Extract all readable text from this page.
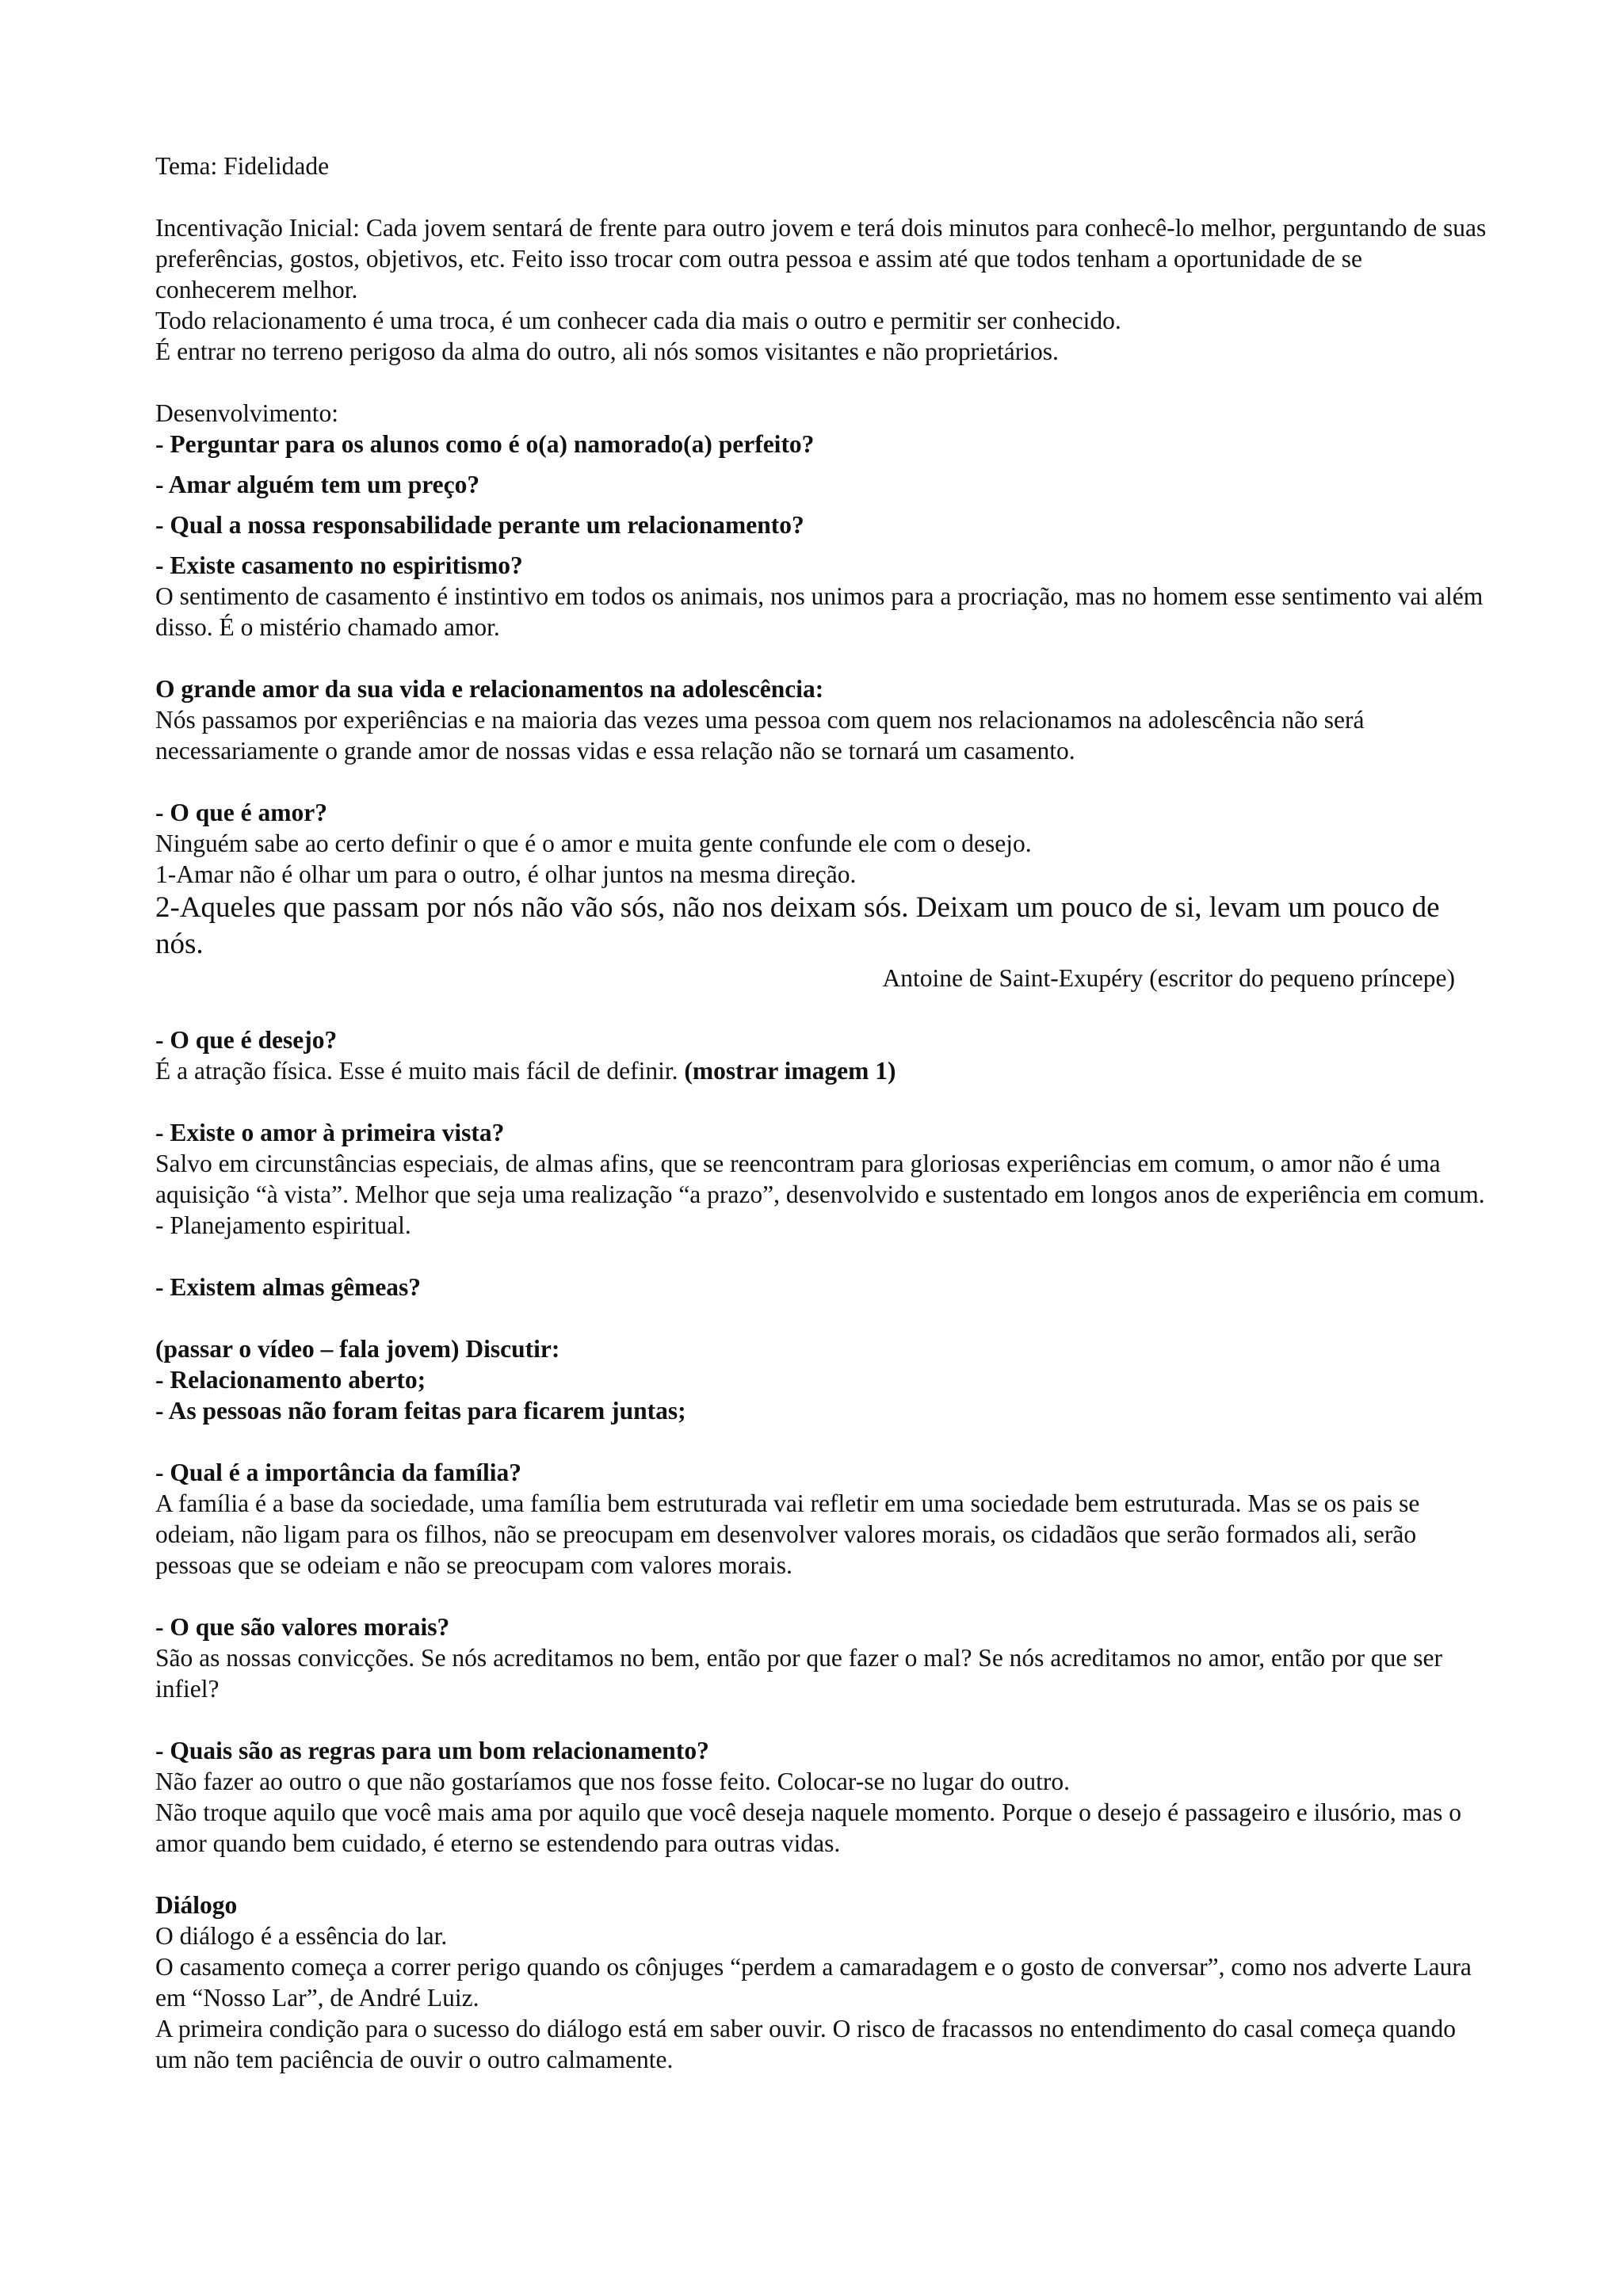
Tema: Fidelidade

Incentivação Inicial: Cada jovem sentará de frente para outro jovem e terá dois minutos para conhecê-lo melhor, perguntando de suas preferências, gostos, objetivos, etc. Feito isso trocar com outra pessoa e assim até que todos tenham a oportunidade de se conhecerem melhor.

Todo relacionamento é uma troca, é um conhecer cada dia mais o outro e permitir ser conhecido.

É entrar no terreno perigoso da alma do outro, ali nós somos visitantes e não proprietários.

Desenvolvimento:

- Perguntar para os alunos como é o(a) namorado(a) perfeito?

- Amar alguém tem um preço?

- Qual a nossa responsabilidade perante um relacionamento?

- Existe casamento no espiritismo?

O sentimento de casamento é instintivo em todos os animais, nos unimos para a procriação, mas no homem esse sentimento vai além disso. É o mistério chamado amor.

O grande amor da sua vida e relacionamentos na adolescência:

Nós passamos por experiências e na maioria das vezes uma pessoa com quem nos relacionamos na adolescência não será necessariamente o grande amor de nossas vidas e essa relação não se tornará um casamento.

- O que é amor?

Ninguém sabe ao certo definir o que é o amor e muita gente confunde ele com o desejo.

1-Amar não é olhar um para o outro, é olhar juntos na mesma direção.

2-Aqueles que passam por nós não vão sós, não nos deixam sós. Deixam um pouco de si, levam um pouco de nós.

Antoine de Saint-Exupéry (escritor do pequeno príncepe)

- O que é desejo?

É a atração física. Esse é muito mais fácil de definir. (mostrar imagem 1)

- Existe o amor à primeira vista?

Salvo em circunstâncias especiais, de almas afins, que se reencontram para gloriosas experiências em comum, o amor não é uma aquisição “à vista”. Melhor que seja uma realização “a prazo”, desenvolvido e sustentado em longos anos de experiência em comum. - Planejamento espiritual.

- Existem almas gêmeas?

(passar o vídeo – fala jovem) Discutir:

- Relacionamento aberto;

- As pessoas não foram feitas para ficarem juntas;

- Qual é a importância da família?

A família é a base da sociedade, uma família bem estruturada vai refletir em uma sociedade bem estruturada. Mas se os pais se odeiam, não ligam para os filhos, não se preocupam em desenvolver valores morais, os cidadãos que serão formados ali, serão pessoas que se odeiam e não se preocupam com valores morais.

- O que são valores morais?

São as nossas convicções. Se nós acreditamos no bem, então por que fazer o mal? Se nós acreditamos no amor, então por que ser infiel?

- Quais são as regras para um bom relacionamento?

Não fazer ao outro o que não gostaríamos que nos fosse feito. Colocar-se no lugar do outro.

Não troque aquilo que você mais ama por aquilo que você deseja naquele momento. Porque o desejo é passageiro e ilusório, mas o amor quando bem cuidado, é eterno se estendendo para outras vidas.

Diálogo

O diálogo é a essência do lar.

O casamento começa a correr perigo quando os cônjuges “perdem a camaradagem e o gosto de conversar”, como nos adverte Laura em “Nosso Lar”, de André Luiz.

A primeira condição para o sucesso do diálogo está em saber ouvir. O risco de fracassos no entendimento do casal começa quando um não tem paciência de ouvir o outro calmamente.
